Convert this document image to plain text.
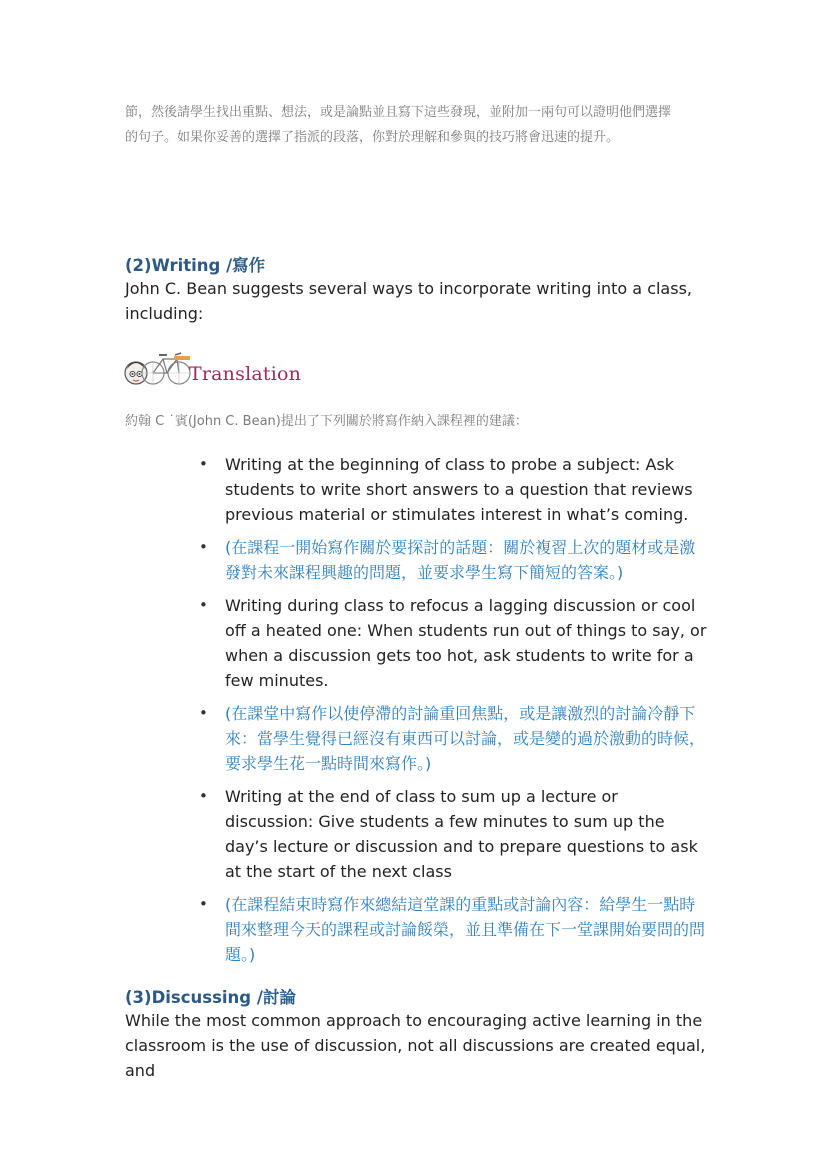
節，然後請學生找出重點、想法，或是論點並且寫下這些發現，並附加一兩句可以證明他們選擇
的句子。如果你妥善的選擇了指派的段落，你對於理解和參與的技巧將會迅速的提升。
(2)Writing /寫作
John C. Bean suggests several ways to incorporate writing into a class, including:
Translation
約翰 C ˙賓(John C. Bean)提出了下列關於將寫作納入課程裡的建議：
• Writing at the beginning of class to probe a subject: Ask students to write short answers to a question that reviews previous material or stimulates interest in what’s coming.
• (在課程一開始寫作關於要探討的話題：關於複習上次的題材或是激發對未來課程興趣的問題，並要求學生寫下簡短的答案。)
• Writing during class to refocus a lagging discussion or cool off a heated one: When students run out of things to say, or when a discussion gets too hot, ask students to write for a few minutes.
• (在課堂中寫作以使停滯的討論重回焦點，或是讓激烈的討論冷靜下來：當學生覺得已經沒有東西可以討論，或是變的過於激動的時候，要求學生花一點時間來寫作。)
• Writing at the end of class to sum up a lecture or discussion: Give students a few minutes to sum up the day’s lecture or discussion and to prepare questions to ask at the start of the next class
• (在課程結束時寫作來總結這堂課的重點或討論內容：給學生一點時間來整理今天的課程或討論餒榮，並且準備在下一堂課開始要問的問題。)
(3)Discussing /討論
While the most common approach to encouraging active learning in the classroom is the use of discussion, not all discussions are created equal, and
